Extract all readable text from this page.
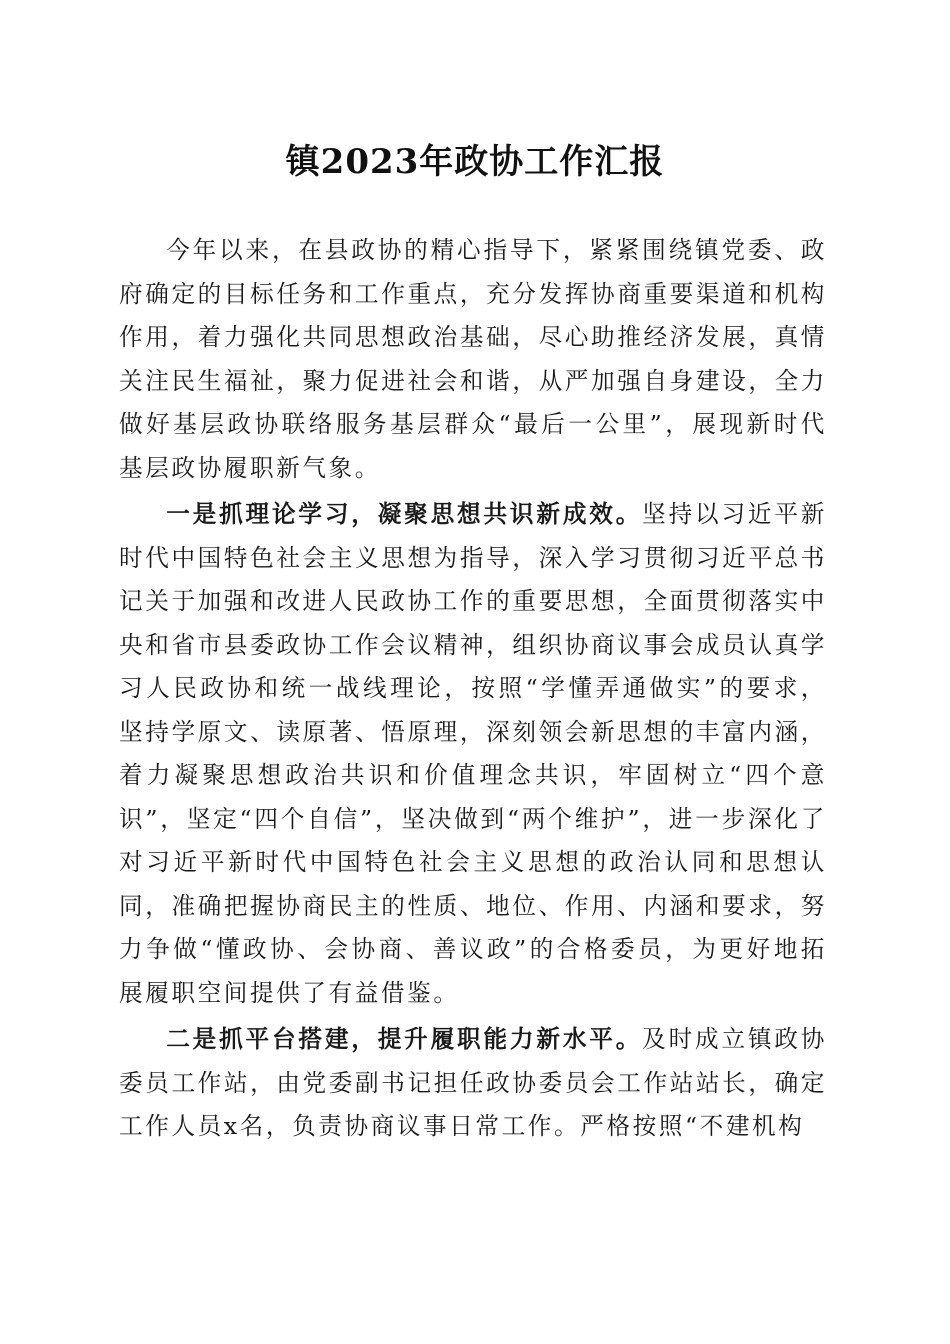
镇2023年政协工作汇报

今年以来，在县政协的精心指导下，紧紧围绕镇党委、政府确定的目标任务和工作重点，充分发挥协商重要渠道和机构作用，着力强化共同思想政治基础，尽心助推经济发展，真情关注民生福祉，聚力促进社会和谐，从严加强自身建设，全力做好基层政协联络服务基层群众“最后一公里”，展现新时代基层政协履职新气象。

一是抓理论学习，凝聚思想共识新成效。坚持以习近平新时代中国特色社会主义思想为指导，深入学习贯彻习近平总书记关于加强和改进人民政协工作的重要思想，全面贯彻落实中央和省市县委政协工作会议精神，组织协商议事会成员认真学习人民政协和统一战线理论，按照“学懂弄通做实”的要求，坚持学原文、读原著、悟原理，深刻领会新思想的丰富内涵，着力凝聚思想政治共识和价值理念共识，牢固树立“四个意识”，坚定“四个自信”，坚决做到“两个维护”，进一步深化了对习近平新时代中国特色社会主义思想的政治认同和思想认同，准确把握协商民主的性质、地位、作用、内涵和要求，努力争做“懂政协、会协商、善议政”的合格委员，为更好地拓展履职空间提供了有益借鉴。

二是抓平台搭建，提升履职能力新水平。及时成立镇政协委员工作站，由党委副书记担任政协委员会工作站站长，确定工作人员x名，负责协商议事日常工作。严格按照“不建机构
